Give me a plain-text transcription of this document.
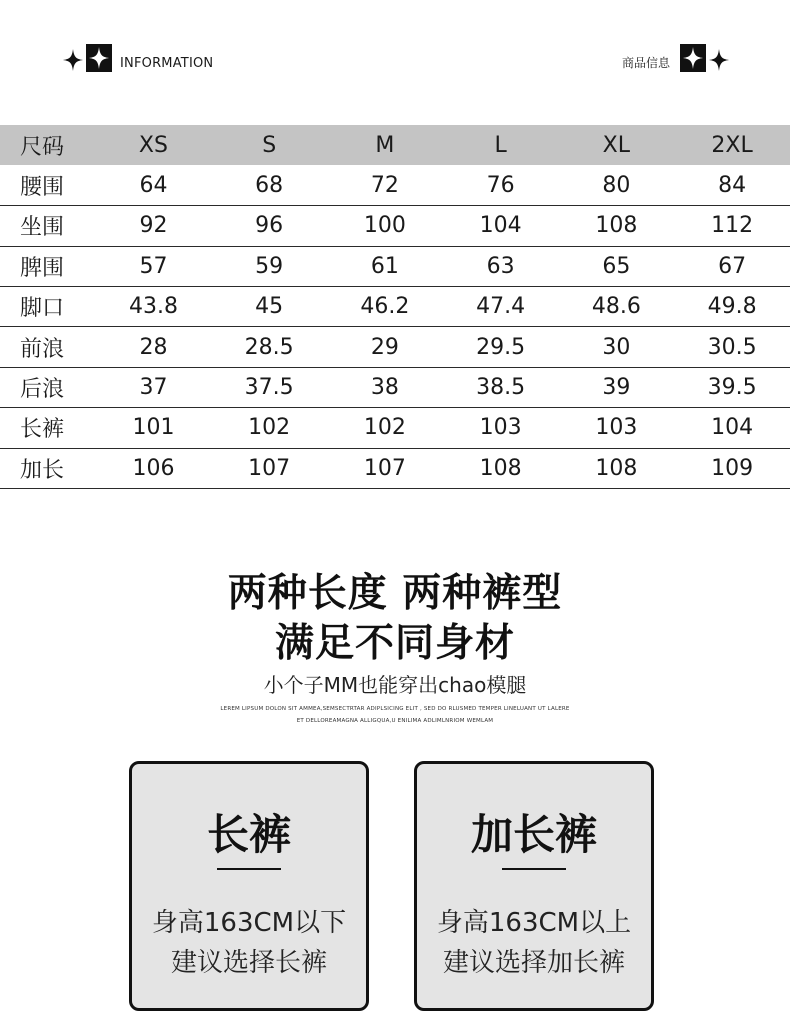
INFORMATION	商品信息
尺码	XS	S	M	L	XL	2XL
腰围	64	68	72	76	80	84
坐围	92	96	100	104	108	112
脾围	57	59	61	63	65	67
脚口	43.8	45	46.2	47.4	48.6	49.8
前浪	28	28.5	29	29.5	30	30.5
后浪	37	37.5	38	38.5	39	39.5
长裤	101	102	102	103	103	104
加长	106	107	107	108	108	109
两种长度 两种裤型
满足不同身材
小个子MM也能穿出chao模腿
LEREM LIPSUM DOLON SIT AMMEA,SEMSECTRTAR ADIPLSICING ELIT , SED DO RLUSMED TEMPER LINELUANT UT LALERE
ET DELLOREAMAGNA ALLIGQUA,U ENILIMA ADLIMLNRIOM WEMLAM
长裤
身高163CM以下
建议选择长裤
加长裤
身高163CM以上
建议选择加长裤
